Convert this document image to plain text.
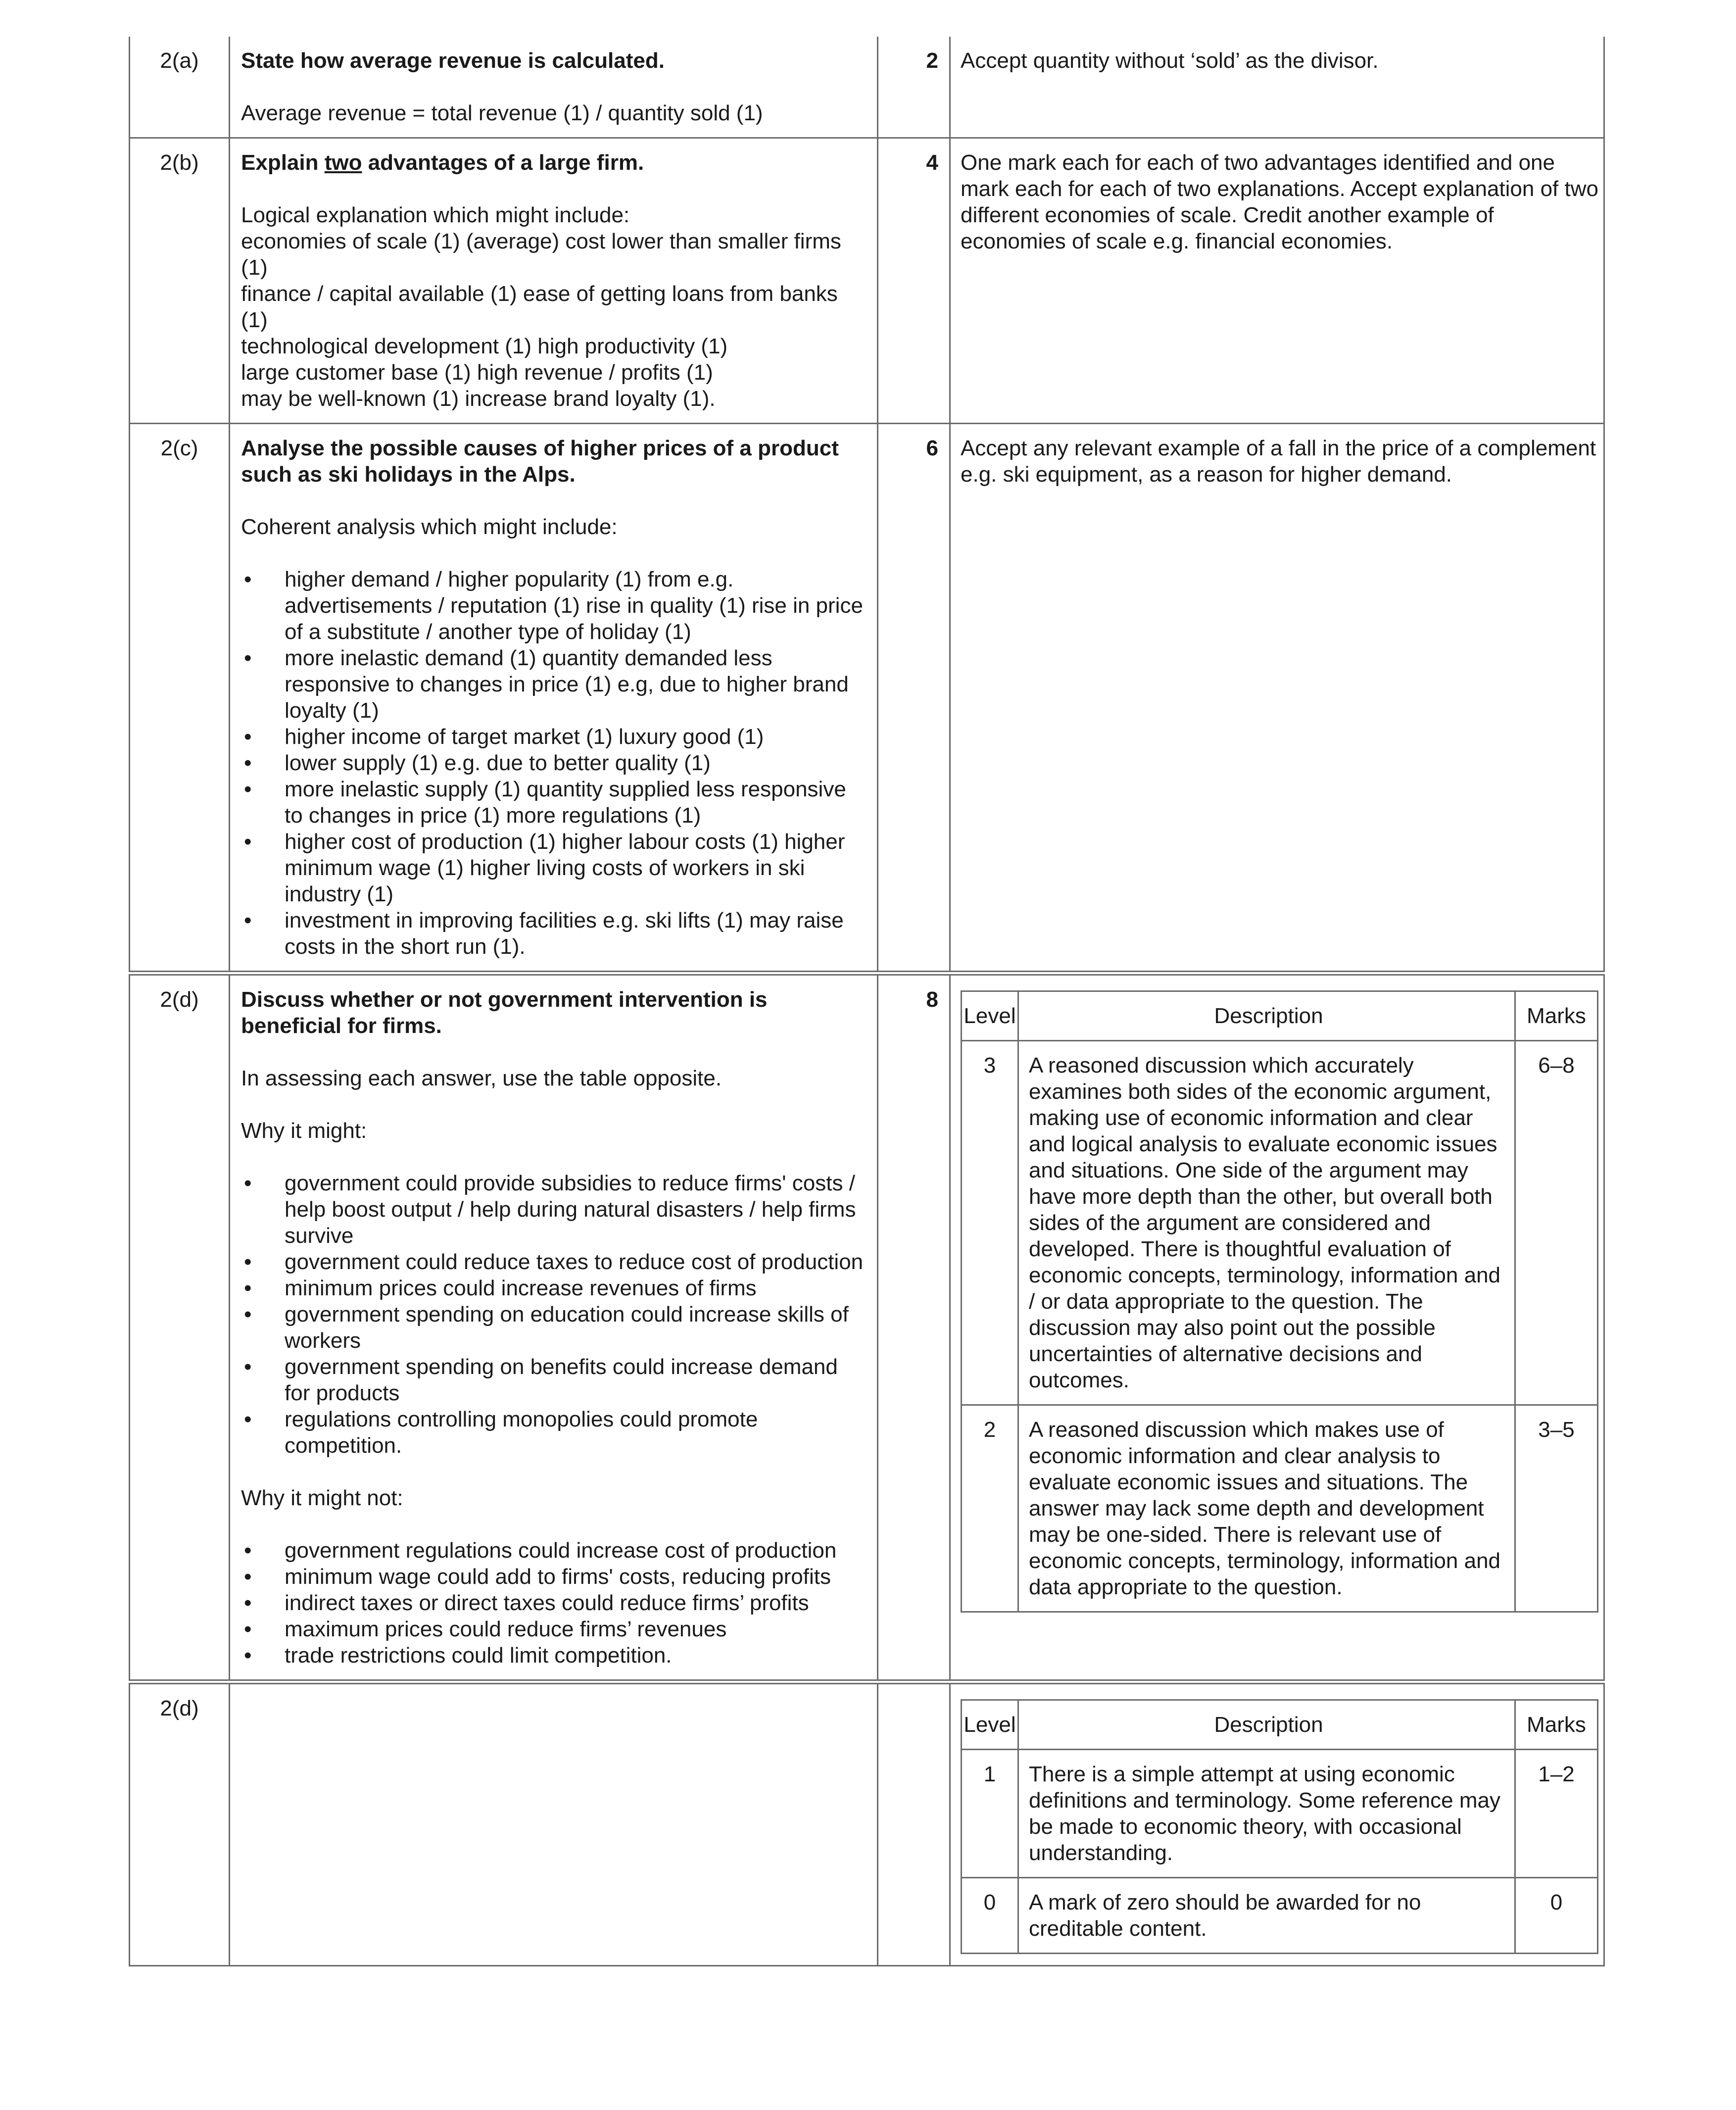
2(a)	State how average revenue is calculated.

Average revenue = total revenue (1) / quantity sold (1)

	2	Accept quantity without ‘sold’ as the divisor.
2(b)	Explain two advantages of a large firm.

Logical explanation which might include:

economies of scale (1) (average) cost lower than smaller firms (1)

finance / capital available (1) ease of getting loans from banks (1)

technological development (1) high productivity (1)

large customer base (1) high revenue / profits (1)

may be well-known (1) increase brand loyalty (1).

	4	One mark each for each of two advantages identified and one mark each for each of two explanations. Accept explanation of two different economies of scale. Credit another example of economies of scale e.g. financial economies.
2(c)	Analyse the possible causes of higher prices of a product such as ski holidays in the Alps.

Coherent analysis which might include:

• higher demand / higher popularity (1) from e.g. advertisements / reputation (1) rise in quality (1) rise in price of a substitute / another type of holiday (1)
• more inelastic demand (1) quantity demanded less responsive to changes in price (1) e.g, due to higher brand loyalty (1)
• higher income of target market (1) luxury good (1)
• lower supply (1) e.g. due to better quality (1)
• more inelastic supply (1) quantity supplied less responsive to changes in price (1) more regulations (1)
• higher cost of production (1) higher labour costs (1) higher minimum wage (1) higher living costs of workers in ski industry (1)
• investment in improving facilities e.g. ski lifts (1) may raise costs in the short run (1).
	6	Accept any relevant example of a fall in the price of a complement e.g. ski equipment, as a reason for higher demand.
2(d)	Discuss whether or not government intervention is beneficial for firms.

In assessing each answer, use the table opposite.

Why it might:

• government could provide subsidies to reduce firms' costs / help boost output / help during natural disasters / help firms survive
• government could reduce taxes to reduce cost of production
• minimum prices could increase revenues of firms
• government spending on education could increase skills of workers
• government spending on benefits could increase demand for products
• regulations controlling monopolies could promote competition.

Why it might not:

• government regulations could increase cost of production
• minimum wage could add to firms' costs, reducing profits
• indirect taxes or direct taxes could reduce firms’ profits
• maximum prices could reduce firms’ revenues
• trade restrictions could limit competition.
	8	
Level	Description	Marks
3	A reasoned discussion which accurately examines both sides of the economic argument, making use of economic information and clear and logical analysis to evaluate economic issues and situations. One side of the argument may have more depth than the other, but overall both sides of the argument are considered and developed. There is thoughtful evaluation of economic concepts, terminology, information and / or data appropriate to the question. The discussion may also point out the possible uncertainties of alternative decisions and outcomes.	6–8
2	A reasoned discussion which makes use of economic information and clear analysis to evaluate economic issues and situations. The answer may lack some depth and development may be one-sided. There is relevant use of economic concepts, terminology, information and data appropriate to the question.	3–5

2(d)			
Level	Description	Marks
1	There is a simple attempt at using economic definitions and terminology. Some reference may be made to economic theory, with occasional understanding.	1–2
0	A mark of zero should be awarded for no creditable content.	0
